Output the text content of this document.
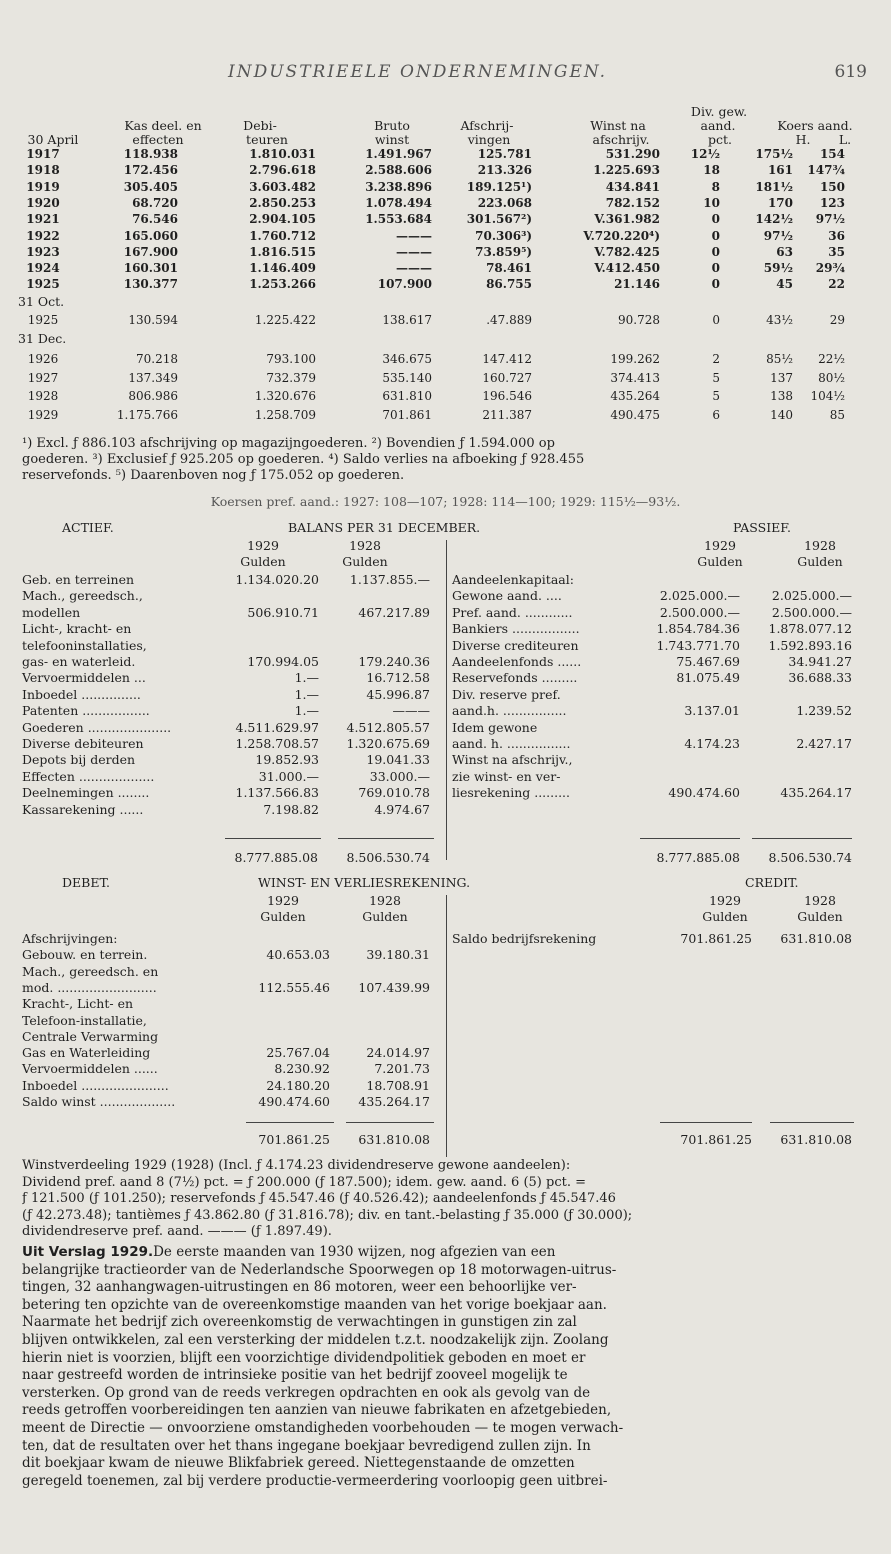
INDUSTRIEELE ONDERNEMINGEN.	619
Div. gew.
Kas deel. en	Debi-	Bruto	Afschrij-	Winst na	aand.	Koers aand.
30 April	effecten	teuren	winst	vingen	afschrijv.	pct.	H.	L.
1917	118.938	1.810.031	1.491.967	125.781	531.290	12½	175½	154
1918	172.456	2.796.618	2.588.606	213.326	1.225.693	18	161 147¾
1919	305.405	3.603.482	3.238.896	189.125¹)	434.841	8	181½	150
1920	68.720	2.850.253	1.078.494	223.068	782.152	10	170	123
1921	76.546	2.904.105	1.553.684	301.567²)	V.361.982	0	142½	97½
1922	165.060	1.760.712	———	70.306³)	V.720.220⁴)	0	97½	36
1923	167.900	1.816.515	———	73.859⁵)	V.782.425	0	63	35
1924	160.301	1.146.409	———	78.461	V.412.450	0	59½	29¾
1925	130.377	1.253.266	107.900	86.755	21.146	0	45	22
31 Oct.
1925	130.594	1.225.422	138.617	.47.889	90.728	0	43½	29
31 Dec.
1926	70.218	793.100	346.675	147.412	199.262	2	85½	22½
1927	137.349	732.379	535.140	160.727	374.413	5	137	80½
1928	806.986	1.320.676	631.810	196.546	435.264	5	138	104½
1929	1.175.766	1.258.709	701.861	211.387	490.475	6	140	85
¹) Excl. ƒ 886.103 afschrijving op magazijngoederen. ²) Bovendien ƒ 1.594.000 op
goederen. ³) Exclusief ƒ 925.205 op goederen. ⁴) Saldo verlies na afboeking ƒ 928.455
reservefonds. ⁵) Daarenboven nog ƒ 175.052 op goederen.
Koersen pref. aand.: 1927: 108—107; 1928: 114—100; 1929: 115½—93½.
ACTIEF.	BALANS PER 31 DECEMBER.	PASSIEF.
1929	1928	1929	1928
Gulden	Gulden	Gulden	Gulden
Geb. en terreinen	1.134.020.20	1.137.855.—
Mach., gereedsch.,
modellen	506.910.71	467.217.89
Licht-, kracht- en
telefooninstallaties,
gas- en waterleid.	170.994.05	179.240.36
Vervoermiddelen ...	1.—	16.712.58
Inboedel ...............	1.—	45.996.87
Patenten .................	1.—	———
Goederen .....................	4.511.629.97	4.512.805.57
Diverse debiteuren	1.258.708.57	1.320.675.69
Depots bij derden	19.852.93	19.041.33
Effecten ...................	31.000.—	33.000.—
Deelnemingen ........	1.137.566.83	769.010.78
Kassarekening ......	7.198.82	4.974.67
Aandeelenkapitaal:
Gewone aand. ....	2.025.000.—	2.025.000.—
Pref. aand. ............	2.500.000.—	2.500.000.—
Bankiers .................	1.854.784.36	1.878.077.12
Diverse crediteuren	1.743.771.70	1.592.893.16
Aandeelenfonds ......	75.467.69	34.941.27
Reservefonds .........	81.075.49	36.688.33
Div. reserve pref.
aand.h. ................	3.137.01	1.239.52
Idem gewone
aand. h. ................	4.174.23	2.427.17
Winst na afschrijv.,
zie winst- en ver-
liesrekening .........	490.474.60	435.264.17
8.777.885.08	8.506.530.74	8.777.885.08	8.506.530.74
DEBET.	WINST- EN VERLIESREKENING.	CREDIT.
1929	1928	1929	1928
Gulden	Gulden	Gulden	Gulden
Afschrijvingen:
Gebouw. en terrein.	40.653.03	39.180.31
Mach., gereedsch. en
mod. .........................	112.555.46	107.439.99
Kracht-, Licht- en
Telefoon-installatie,
Centrale Verwarming
Gas en Waterleiding	25.767.04	24.014.97
Vervoermiddelen ......	8.230.92	7.201.73
Inboedel ......................	24.180.20	18.708.91
Saldo winst ...................	490.474.60	435.264.17
Saldo bedrijfsrekening	701.861.25	631.810.08
701.861.25	631.810.08	701.861.25	631.810.08
Winstverdeeling 1929 (1928) (Incl. ƒ 4.174.23 dividendreserve gewone aandeelen):
Dividend pref. aand 8 (7½) pct. = ƒ 200.000 (ƒ 187.500); idem. gew. aand. 6 (5) pct. =
ƒ 121.500 (ƒ 101.250); reservefonds ƒ 45.547.46 (ƒ 40.526.42); aandeelenfonds ƒ 45.547.46
(ƒ 42.273.48); tantièmes ƒ 43.862.80 (ƒ 31.816.78); div. en tant.-belasting ƒ 35.000 (ƒ 30.000);
dividendreserve pref. aand. ——— (ƒ 1.897.49).
Uit Verslag 1929.De eerste maanden van 1930 wijzen, nog afgezien van een
belangrijke tractieorder van de Nederlandsche Spoorwegen op 18 motorwagen-uitrus-
tingen, 32 aanhangwagen-uitrustingen en 86 motoren, weer een behoorlijke ver-
betering ten opzichte van de overeenkomstige maanden van het vorige boekjaar aan.
Naarmate het bedrijf zich overeenkomstig de verwachtingen in gunstigen zin zal
blijven ontwikkelen, zal een versterking der middelen t.z.t. noodzakelijk zijn. Zoolang
hierin niet is voorzien, blijft een voorzichtige dividendpolitiek geboden en moet er
naar gestreefd worden de intrinsieke positie van het bedrijf zooveel mogelijk te
versterken. Op grond van de reeds verkregen opdrachten en ook als gevolg van de
reeds getroffen voorbereidingen ten aanzien van nieuwe fabrikaten en afzetgebieden,
meent de Directie — onvoorziene omstandigheden voorbehouden — te mogen verwach-
ten, dat de resultaten over het thans ingegane boekjaar bevredigend zullen zijn. In
dit boekjaar kwam de nieuwe Blikfabriek gereed. Niettegenstaande de omzetten
geregeld toenemen, zal bij verdere productie-vermeerdering voorloopig geen uitbrei-
